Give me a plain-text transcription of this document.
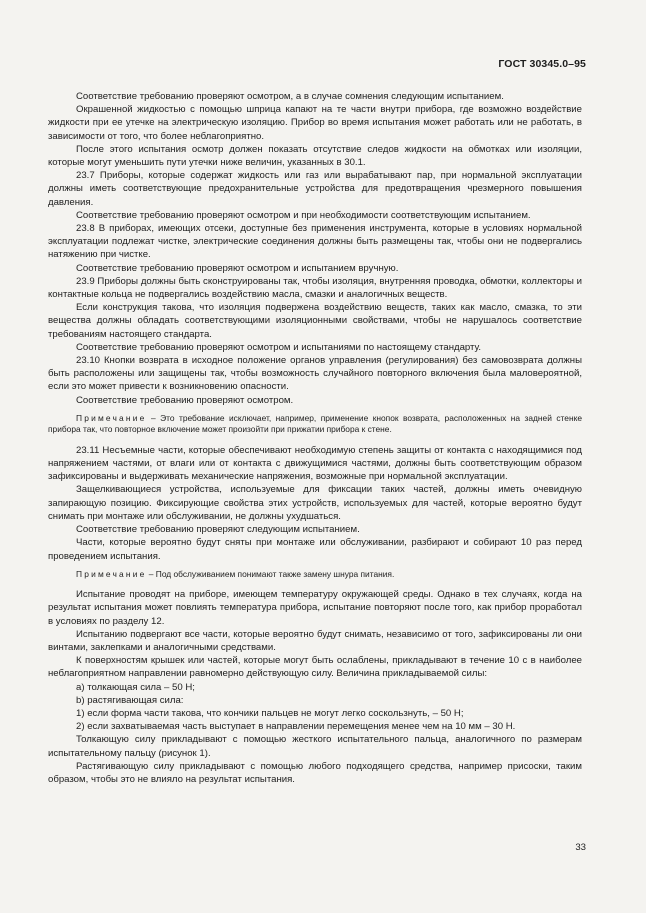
ГОСТ 30345.0–95

Соответствие требованию проверяют осмотром, а в случае сомнения следующим испытанием.

Окрашенной жидкостью с помощью шприца капают на те части внутри прибора, где возможно воздействие жидкости при ее утечке на электрическую изоляцию. Прибор во время испытания может работать или не работать, в зависимости от того, что более неблагоприятно.

После этого испытания осмотр должен показать отсутствие следов жидкости на обмотках или изоляции, которые могут уменьшить пути утечки ниже величин, указанных в 30.1.

23.7 Приборы, которые содержат жидкость или газ или вырабатывают пар, при нормальной эксплуатации должны иметь соответствующие предохранительные устройства для предотвращения чрезмерного повышения давления.

Соответствие требованию проверяют осмотром и при необходимости соответствующим испытанием.

23.8 В приборах, имеющих отсеки, доступные без применения инструмента, которые в условиях нормальной эксплуатации подлежат чистке, электрические соединения должны быть размещены так, чтобы они не подвергались натяжению при чистке.

Соответствие требованию проверяют осмотром и испытанием вручную.

23.9 Приборы должны быть сконструированы так, чтобы изоляция, внутренняя проводка, обмотки, коллекторы и контактные кольца не подвергались воздействию масла, смазки и аналогичных веществ.

Если конструкция такова, что изоляция подвержена воздействию веществ, таких как масло, смазка, то эти вещества должны обладать соответствующими изоляционными свойствами, чтобы не нарушалось соответствие требованиям настоящего стандарта.

Соответствие требованию проверяют осмотром и испытаниями по настоящему стандарту.

23.10 Кнопки возврата в исходное положение органов управления (регулирования) без самовозврата должны быть расположены или защищены так, чтобы возможность случайного повторного включения была маловероятной, если это может привести к возникновению опасности.

Соответствие требованию проверяют осмотром.

Примечание – Это требование исключает, например, применение кнопок возврата, расположенных на задней стенке прибора так, что повторное включение может произойти при прижатии прибора к стене.

23.11 Несъемные части, которые обеспечивают необходимую степень защиты от контакта с находящимися под напряжением частями, от влаги или от контакта с движущимися частями, должны быть соответствующим образом зафиксированы и выдерживать механические напряжения, возможные при нормальной эксплуатации.

Защелкивающиеся устройства, используемые для фиксации таких частей, должны иметь очевидную запирающую позицию. Фиксирующие свойства этих устройств, используемых для частей, которые вероятно будут снимать при монтаже или обслуживании, не должны ухудшаться.

Соответствие требованию проверяют следующим испытанием.

Части, которые вероятно будут сняты при монтаже или обслуживании, разбирают и собирают 10 раз перед проведением испытания.

Примечание – Под обслуживанием понимают также замену шнура питания.

Испытание проводят на приборе, имеющем температуру окружающей среды. Однако в тех случаях, когда на результат испытания может повлиять температура прибора, испытание повторяют после того, как прибор проработал в условиях по разделу 12.

Испытанию подвергают все части, которые вероятно будут снимать, независимо от того, зафиксированы ли они винтами, заклепками и аналогичными средствами.

К поверхностям крышек или частей, которые могут быть ослаблены, прикладывают в течение 10 с в наиболее неблагоприятном направлении равномерно действующую силу. Величина прикладываемой силы:

a) толкающая сила – 50 Н;

b) растягивающая сила:

1) если форма части такова, что кончики пальцев не могут легко соскользнуть, – 50 Н;

2) если захватываемая часть выступает в направлении перемещения менее чем на 10 мм – 30 Н.

Толкающую силу прикладывают с помощью жесткого испытательного пальца, аналогичного по размерам испытательному пальцу (рисунок 1).

Растягивающую силу прикладывают с помощью любого подходящего средства, например присоски, таким образом, чтобы это не влияло на результат испытания.

33
